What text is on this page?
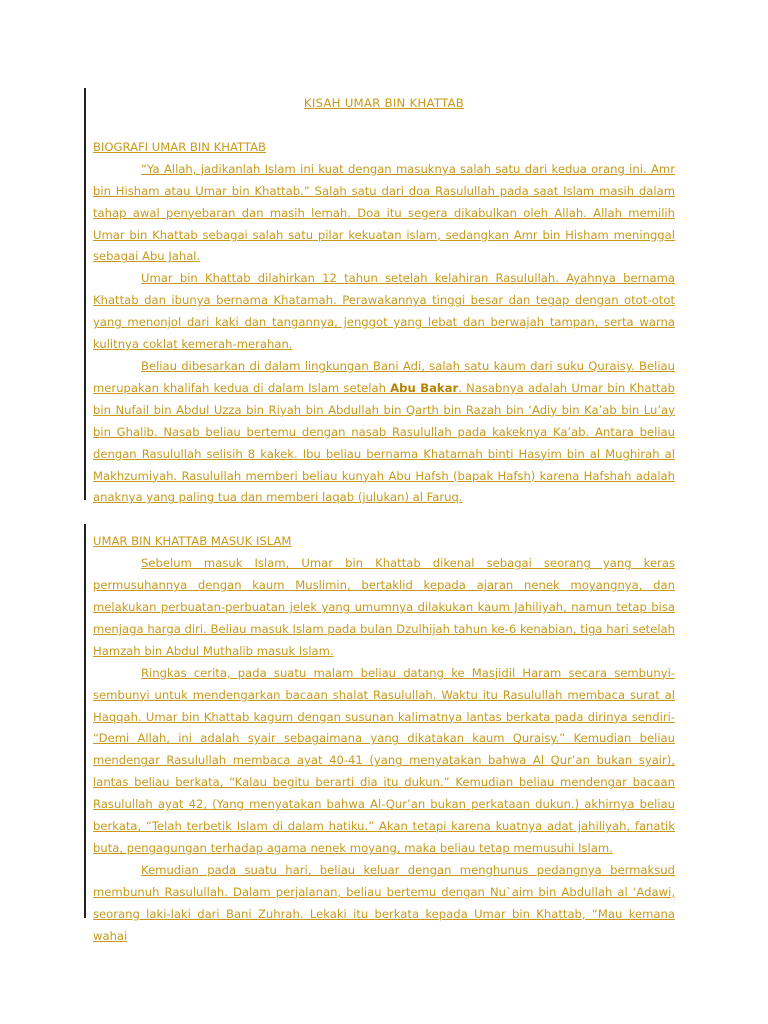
KISAH UMAR BIN KHATTAB

BIOGRAFI UMAR BIN KHATTAB

“Ya Allah, jadikanlah Islam ini kuat dengan masuknya salah satu dari kedua orang ini. Amr bin Hisham atau Umar bin Khattab.” Salah satu dari doa Rasulullah pada saat Islam masih dalam tahap awal penyebaran dan masih lemah. Doa itu segera dikabulkan oleh Allah. Allah memilih Umar bin Khattab sebagai salah satu pilar kekuatan islam, sedangkan Amr bin Hisham meninggal sebagai Abu Jahal.

Umar bin Khattab dilahirkan 12 tahun setelah kelahiran Rasulullah. Ayahnya bernama Khattab dan ibunya bernama Khatamah. Perawakannya tinggi besar dan tegap dengan otot-otot yang menonjol dari kaki dan tangannya, jenggot yang lebat dan berwajah tampan, serta warna kulitnya coklat kemerah-merahan.

Beliau dibesarkan di dalam lingkungan Bani Adi, salah satu kaum dari suku Quraisy. Beliau merupakan khalifah kedua di dalam Islam setelah Abu Bakar. Nasabnya adalah Umar bin Khattab bin Nufail bin Abdul Uzza bin Riyah bin Abdullah bin Qarth bin Razah bin ‘Adiy bin Ka’ab bin Lu’ay bin Ghalib. Nasab beliau bertemu dengan nasab Rasulullah pada kakeknya Ka’ab. Antara beliau dengan Rasulullah selisih 8 kakek. Ibu beliau bernama Khatamah binti Hasyim bin al Mughirah al Makhzumiyah. Rasulullah memberi beliau kunyah Abu Hafsh (bapak Hafsh) karena Hafshah adalah anaknya yang paling tua dan memberi laqab (julukan) al Faruq.

UMAR BIN KHATTAB MASUK ISLAM

Sebelum masuk Islam, Umar bin Khattab dikenal sebagai seorang yang keras permusuhannya dengan kaum Muslimin, bertaklid kepada ajaran nenek moyangnya, dan melakukan perbuatan-perbuatan jelek yang umumnya dilakukan kaum Jahiliyah, namun tetap bisa menjaga harga diri. Beliau masuk Islam pada bulan Dzulhijah tahun ke-6 kenabian, tiga hari setelah Hamzah bin Abdul Muthalib masuk Islam.

Ringkas cerita, pada suatu malam beliau datang ke Masjidil Haram secara sembunyi-sembunyi untuk mendengarkan bacaan shalat Rasulullah. Waktu itu Rasulullah membaca surat al Haqqah. Umar bin Khattab kagum dengan susunan kalimatnya lantas berkata pada dirinya sendiri- “Demi Allah, ini adalah syair sebagaimana yang dikatakan kaum Quraisy.” Kemudian beliau mendengar Rasulullah membaca ayat 40-41 (yang menyatakan bahwa Al Qur’an bukan syair), lantas beliau berkata, “Kalau begitu berarti dia itu dukun.” Kemudian beliau mendengar bacaan Rasulullah ayat 42, (Yang menyatakan bahwa Al-Qur’an bukan perkataan dukun.) akhirnya beliau berkata, “Telah terbetik Islam di dalam hatiku.” Akan tetapi karena kuatnya adat jahiliyah, fanatik buta, pengagungan terhadap agama nenek moyang, maka beliau tetap memusuhi Islam.

Kemudian pada suatu hari, beliau keluar dengan menghunus pedangnya bermaksud membunuh Rasulullah. Dalam perjalanan, beliau bertemu dengan Nu`aim bin Abdullah al ‘Adawi, seorang laki-laki dari Bani Zuhrah. Lekaki itu berkata kepada Umar bin Khattab, “Mau kemana wahai
